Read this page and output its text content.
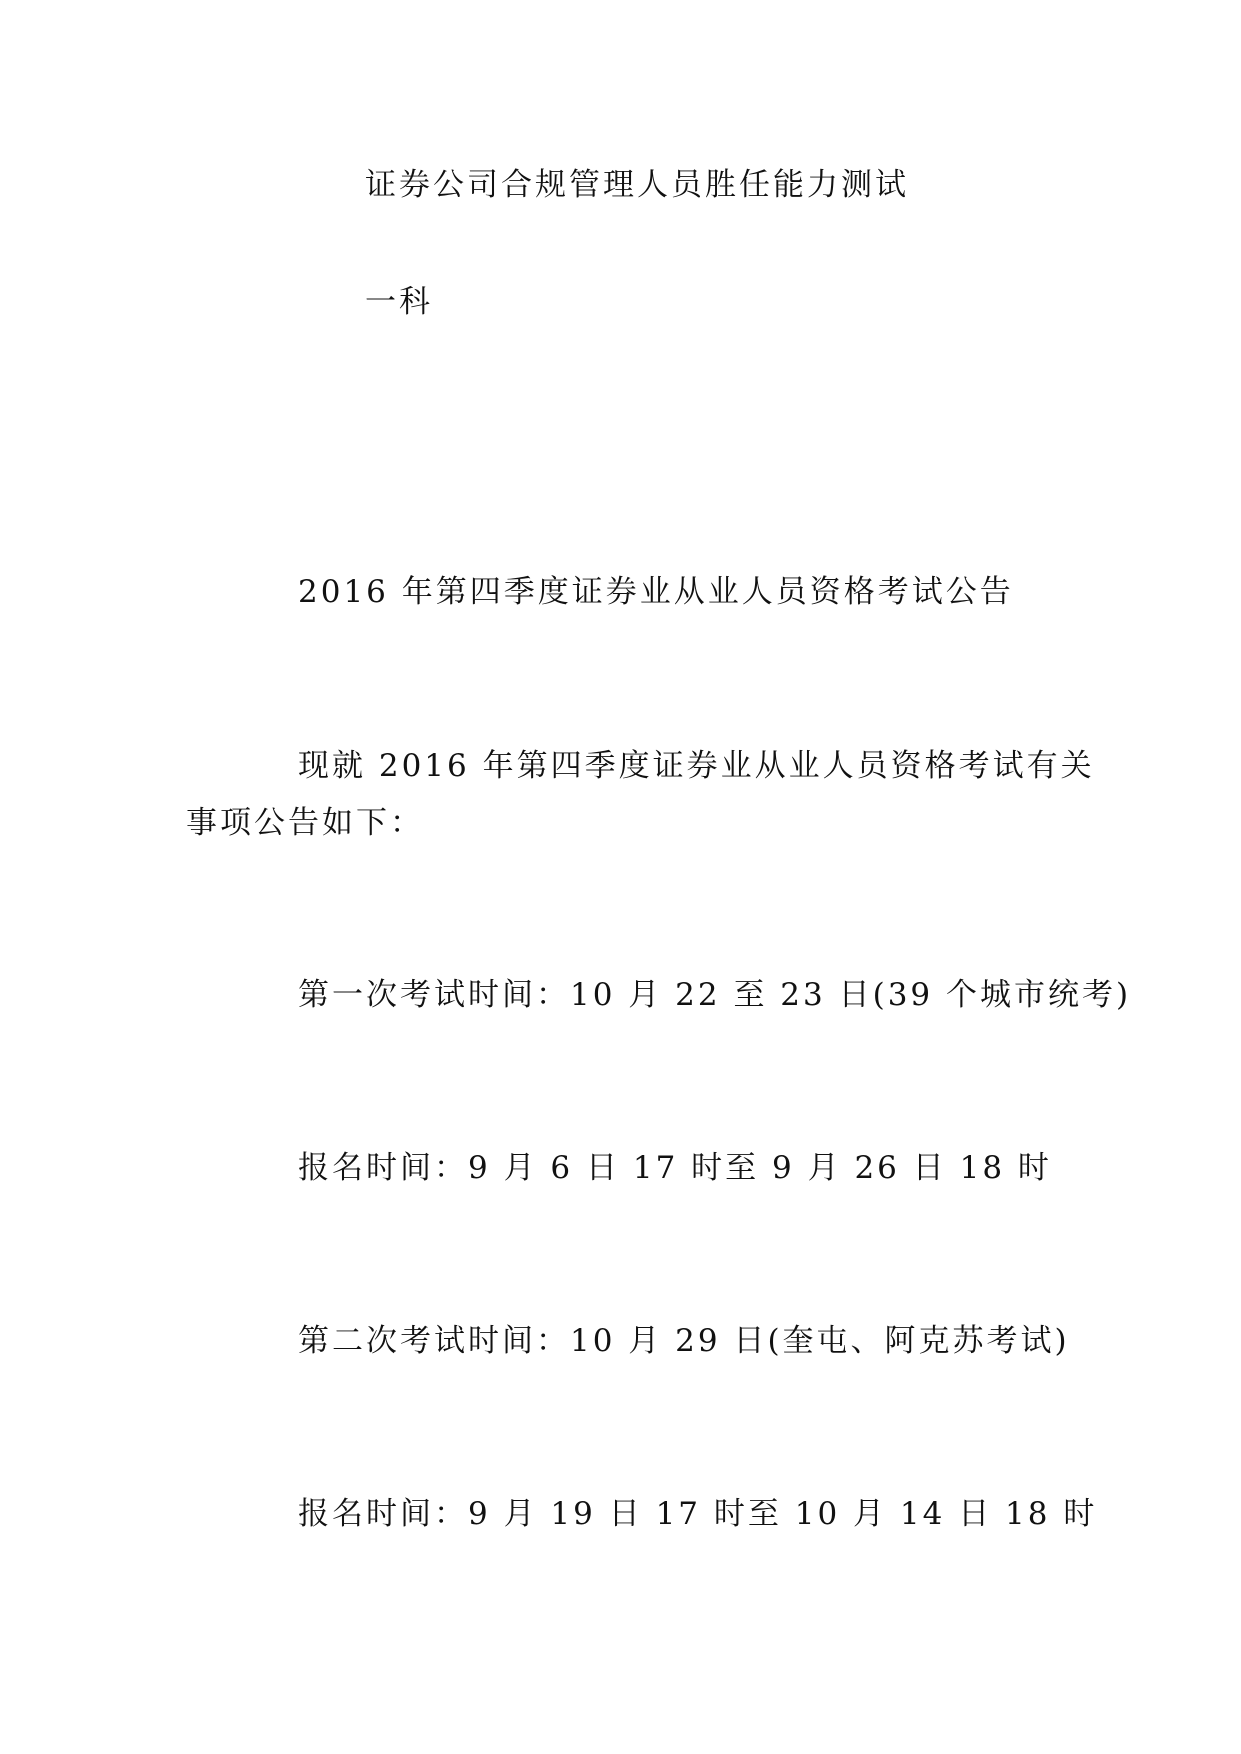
证券公司合规管理人员胜任能力测试

一科

2016 年第四季度证券业从业人员资格考试公告

现就 2016 年第四季度证券业从业人员资格考试有关

事项公告如下：

第一次考试时间：10 月 22 至 23 日(39 个城市统考)

报名时间：9 月 6 日 17 时至 9 月 26 日 18 时

第二次考试时间：10 月 29 日(奎屯、阿克苏考试)

报名时间：9 月 19 日 17 时至 10 月 14 日 18 时
